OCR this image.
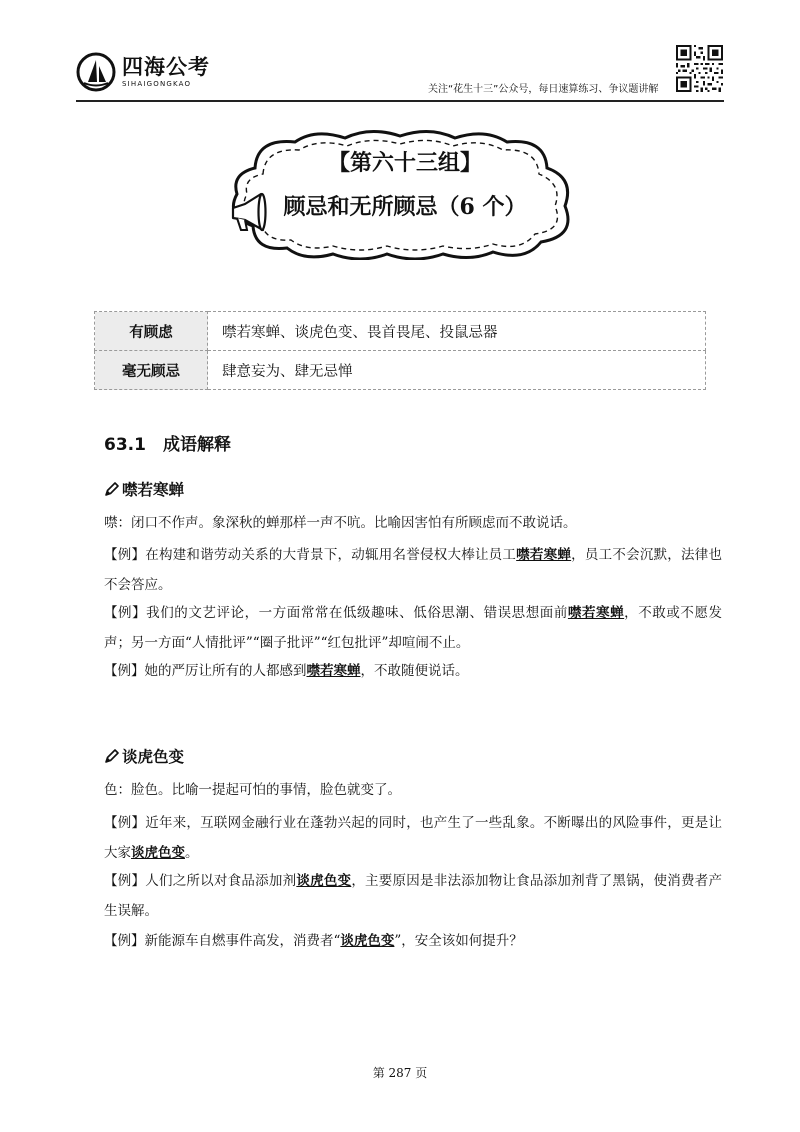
四海公考
SIHAIGONGKAO	关注“花生十三”公众号，每日速算练习、争议题讲解
【第六十三组】
顾忌和无所顾忌（6 个）
有顾虑	噤若寒蝉、谈虎色变、畏首畏尾、投鼠忌器
毫无顾忌	肆意妄为、肆无忌惮
63.1　成语解释
噤若寒蝉
噤：闭口不作声。象深秋的蝉那样一声不吭。比喻因害怕有所顾虑而不敢说话。
【例】在构建和谐劳动关系的大背景下，动辄用名誉侵权大棒让员工噤若寒蝉，员工不会沉默，法律也不会答应。
【例】我们的文艺评论，一方面常常在低级趣味、低俗思潮、错误思想面前噤若寒蝉，不敢或不愿发声；另一方面“人情批评”“圈子批评”“红包批评”却喧闹不止。
【例】她的严厉让所有的人都感到噤若寒蝉，不敢随便说话。
谈虎色变
色：脸色。比喻一提起可怕的事情，脸色就变了。
【例】近年来，互联网金融行业在蓬勃兴起的同时，也产生了一些乱象。不断曝出的风险事件，更是让大家谈虎色变。
【例】人们之所以对食品添加剂谈虎色变，主要原因是非法添加物让食品添加剂背了黑锅，使消费者产生误解。
【例】新能源车自燃事件高发，消费者“谈虎色变”，安全该如何提升？
第 287 页
